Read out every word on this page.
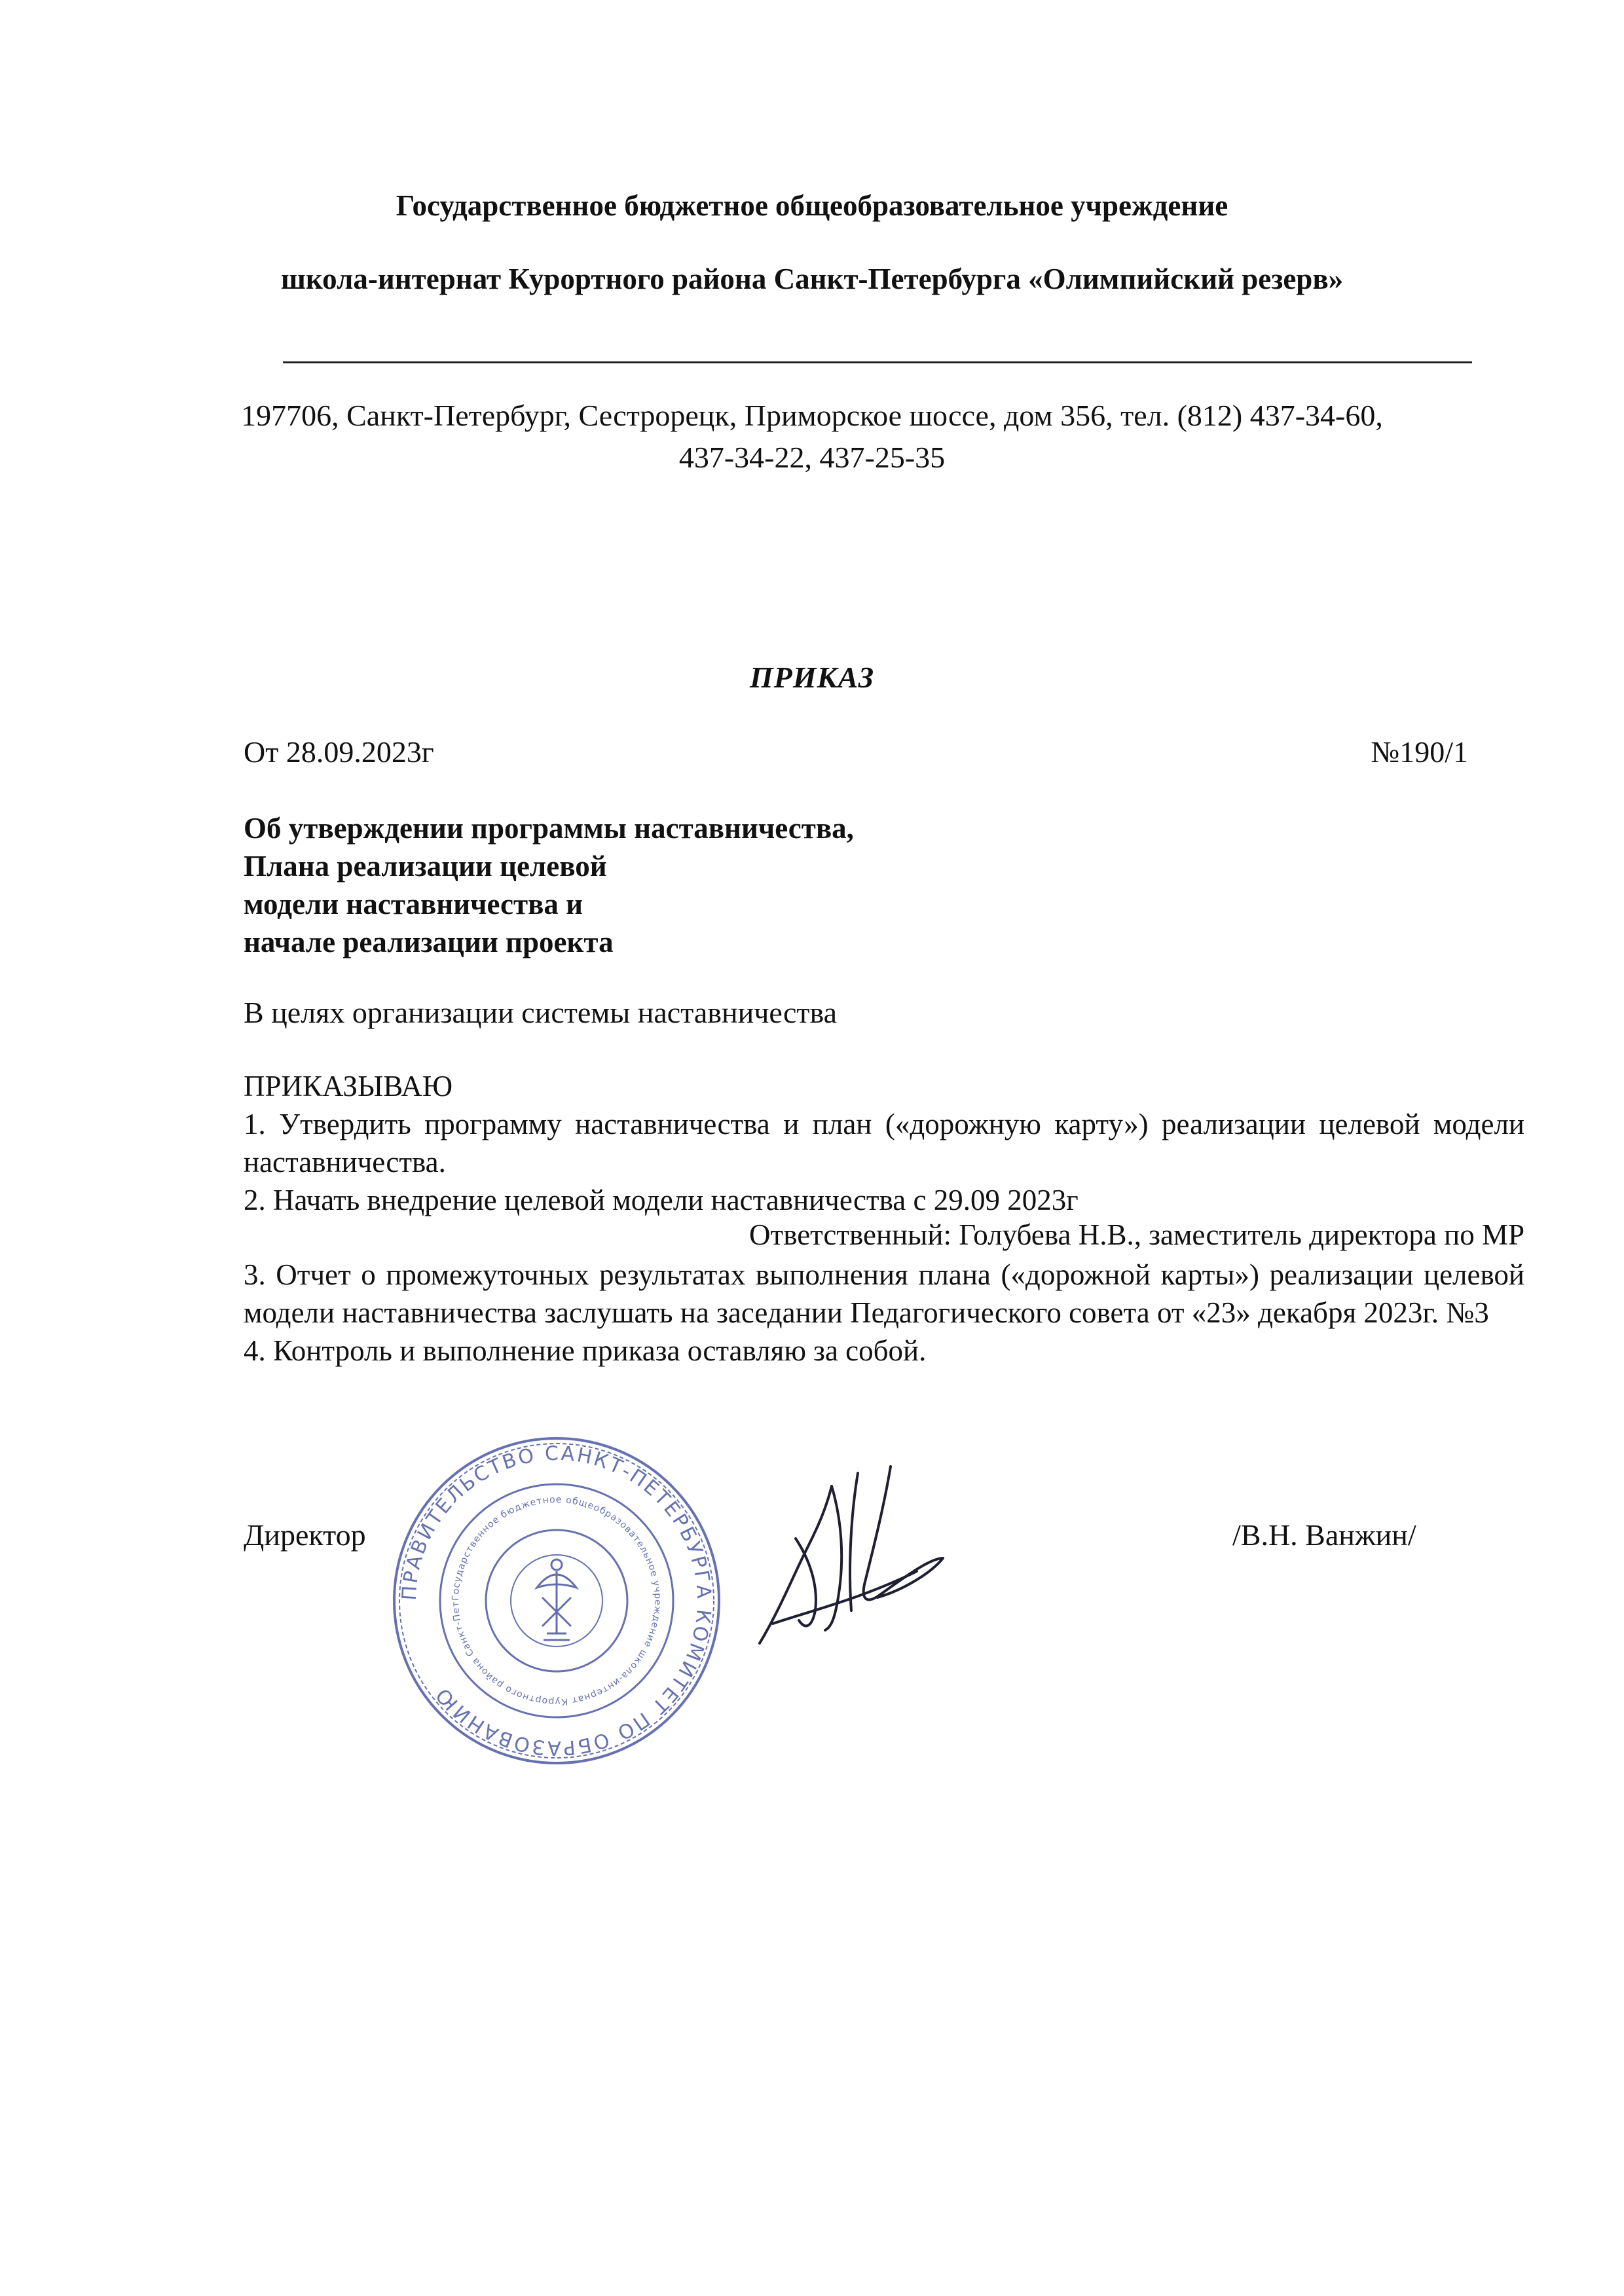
Государственное бюджетное общеобразовательное учреждение
школа-интернат Курортного района Санкт-Петербурга «Олимпийский резерв»
197706, Санкт-Петербург, Сестрорецк, Приморское шоссе, дом 356, тел. (812) 437-34-60,
437-34-22, 437-25-35
ПРИКАЗ
От 28.09.2023г	№190/1
Об утверждении программы наставничества,
Плана реализации целевой
модели наставничества и
начале реализации проекта
В целях организации системы наставничества
ПРИКАЗЫВАЮ
1. Утвердить программу наставничества и план («дорожную карту») реализации целевой модели наставничества.
2. Начать внедрение целевой модели наставничества с 29.09 2023г
Ответственный: Голубева Н.В., заместитель директора по МР
3. Отчет о промежуточных результатах выполнения плана («дорожной карты») реализации целевой модели наставничества заслушать на заседании Педагогического совета от «23» декабря 2023г. №3
4. Контроль и выполнение приказа оставляю за собой.
Директор	/В.Н. Ванжин/
ПРАВИТЕЛЬСТВО САНКТ-ПЕТЕРБУРГА КОМИТЕТ ПО ОБРАЗОВАНИЮ
Государственное бюджетное общеобразовательное учреждение школа-интернат Курортного района Санкт-Пет
